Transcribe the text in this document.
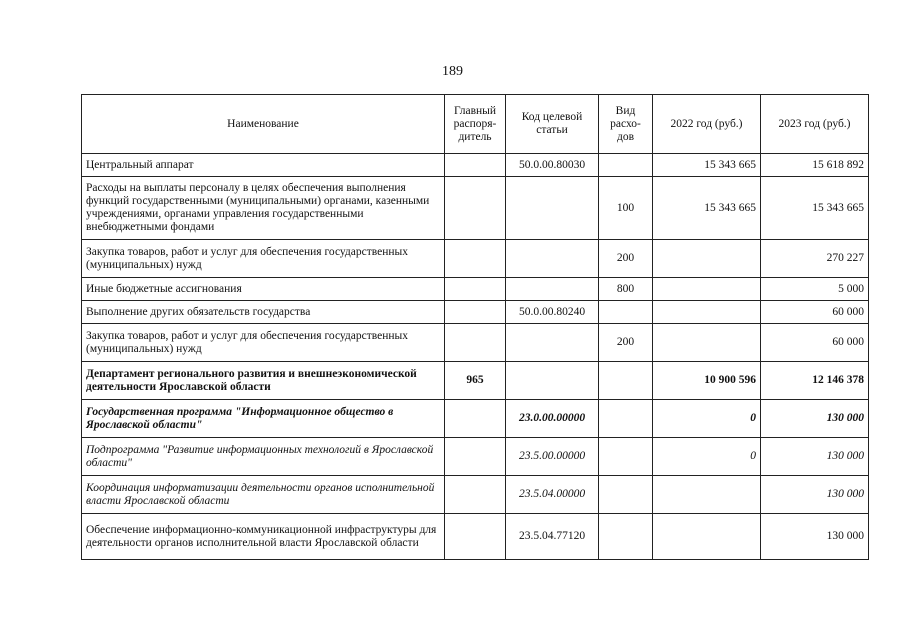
189
Наименование	Главный распоря-дитель	Код целевой статьи	Вид расхо-дов	2022 год (руб.)	2023 год (руб.)
Центральный аппарат		50.0.00.80030		15 343 665	15 618 892
Расходы на выплаты персоналу в целях обеспечения выполнения функций государственными (муниципальными) органами, казенными учреждениями, органами управления государственными внебюджетными фондами			100	15 343 665	15 343 665
Закупка товаров, работ и услуг для обеспечения государственных (муниципальных) нужд			200		270 227
Иные бюджетные ассигнования			800		5 000
Выполнение других обязательств государства		50.0.00.80240			60 000
Закупка товаров, работ и услуг для обеспечения государственных (муниципальных) нужд			200		60 000
Департамент регионального развития и внешнеэкономической деятельности Ярославской области	965			10 900 596	12 146 378
Государственная программа "Информационное общество в Ярославской области"		23.0.00.00000		0	130 000
Подпрограмма "Развитие информационных технологий в Ярославской области"		23.5.00.00000		0	130 000
Координация информатизации деятельности органов исполнительной власти Ярославской области		23.5.04.00000			130 000
Обеспечение информационно-коммуникационной инфраструктуры для деятельности органов исполнительной власти Ярославской области		23.5.04.77120			130 000
